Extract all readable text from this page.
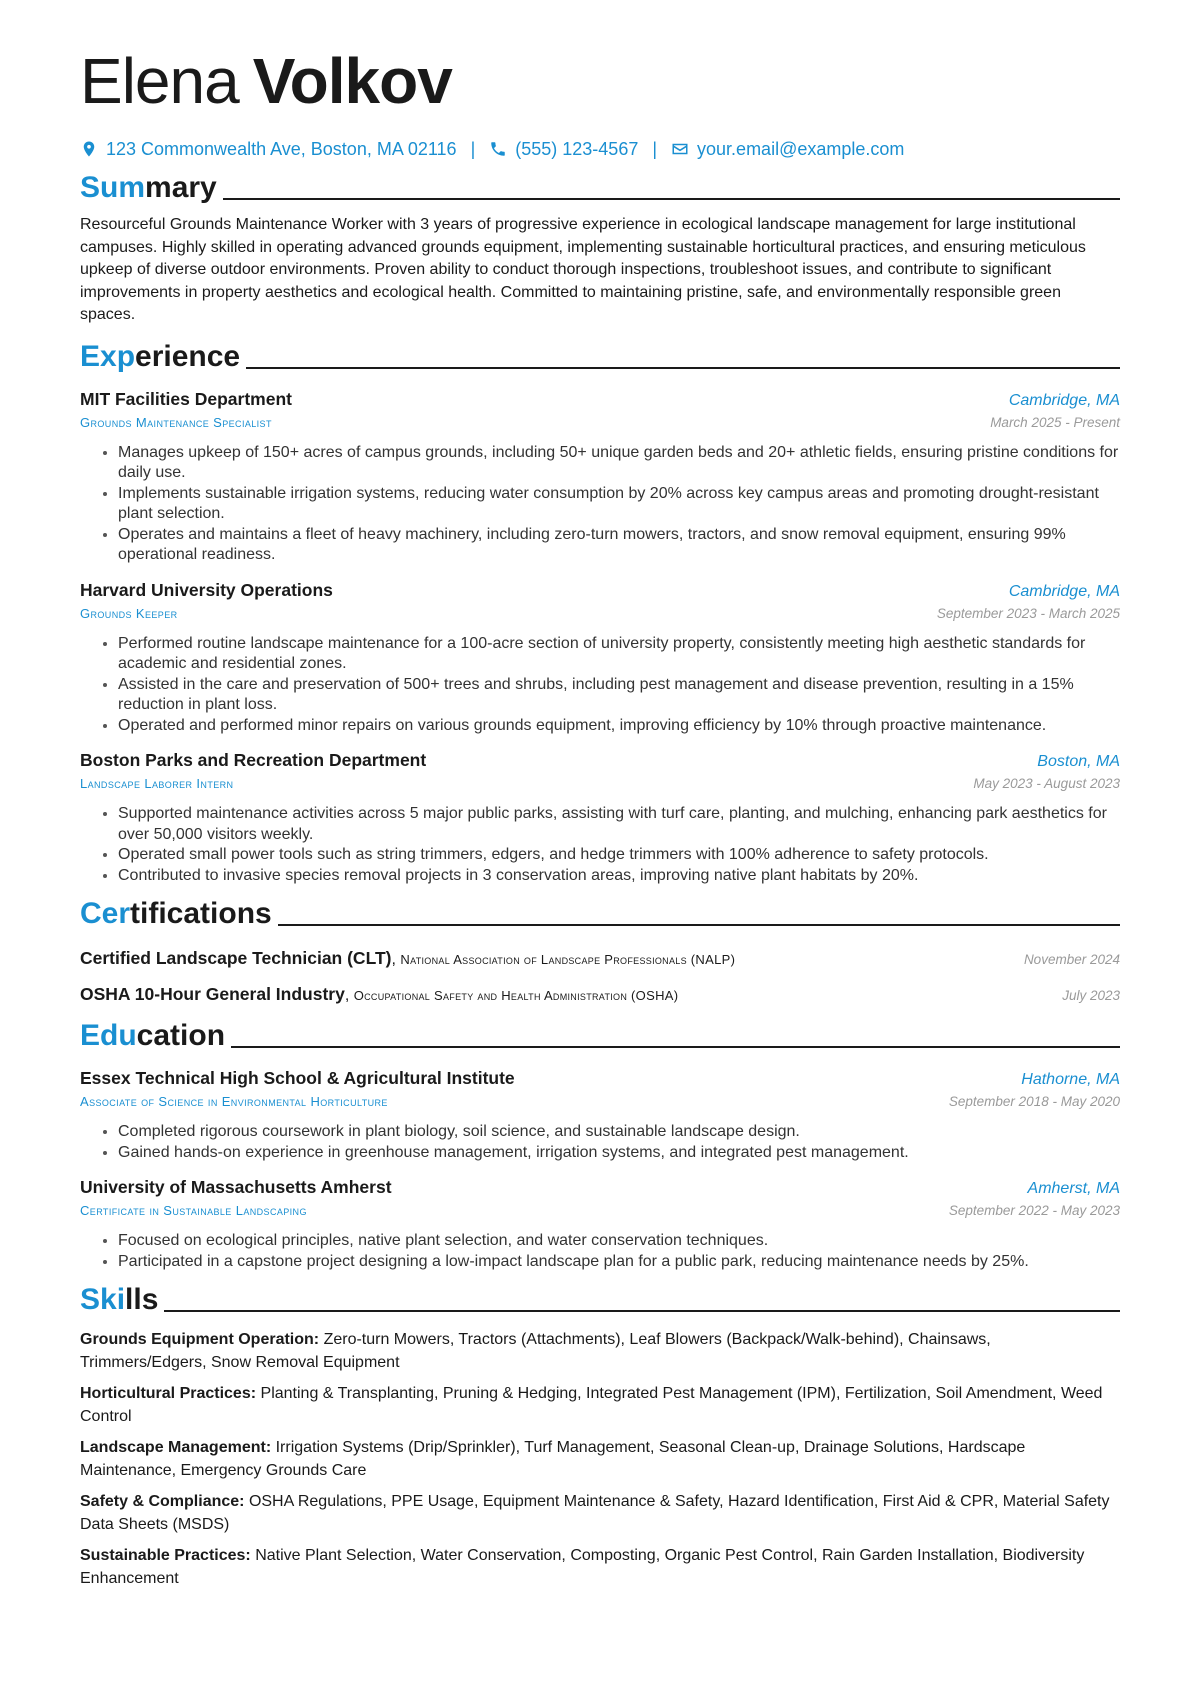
Elena Volkov
123 Commonwealth Ave, Boston, MA 02116 | (555) 123-4567 | your.email@example.com
Summary

Resourceful Grounds Maintenance Worker with 3 years of progressive experience in ecological landscape management for large institutional campuses. Highly skilled in operating advanced grounds equipment, implementing sustainable horticultural practices, and ensuring meticulous upkeep of diverse outdoor environments. Proven ability to conduct thorough inspections, troubleshoot issues, and contribute to significant improvements in property aesthetics and ecological health. Committed to maintaining pristine, safe, and environmentally responsible green spaces.

Experience
MIT Facilities Department	Cambridge, MA
Grounds Maintenance Specialist	March 2025 - Present
• Manages upkeep of 150+ acres of campus grounds, including 50+ unique garden beds and 20+ athletic fields, ensuring pristine conditions for daily use.
• Implements sustainable irrigation systems, reducing water consumption by 20% across key campus areas and promoting drought-resistant plant selection.
• Operates and maintains a fleet of heavy machinery, including zero-turn mowers, tractors, and snow removal equipment, ensuring 99% operational readiness.
Harvard University Operations	Cambridge, MA
Grounds Keeper	September 2023 - March 2025
• Performed routine landscape maintenance for a 100-acre section of university property, consistently meeting high aesthetic standards for academic and residential zones.
• Assisted in the care and preservation of 500+ trees and shrubs, including pest management and disease prevention, resulting in a 15% reduction in plant loss.
• Operated and performed minor repairs on various grounds equipment, improving efficiency by 10% through proactive maintenance.
Boston Parks and Recreation Department	Boston, MA
Landscape Laborer Intern	May 2023 - August 2023
• Supported maintenance activities across 5 major public parks, assisting with turf care, planting, and mulching, enhancing park aesthetics for over 50,000 visitors weekly.
• Operated small power tools such as string trimmers, edgers, and hedge trimmers with 100% adherence to safety protocols.
• Contributed to invasive species removal projects in 3 conservation areas, improving native plant habitats by 20%.
Certifications
Certified Landscape Technician (CLT), National Association of Landscape Professionals (NALP)	November 2024
OSHA 10-Hour General Industry, Occupational Safety and Health Administration (OSHA)	July 2023
Education
Essex Technical High School & Agricultural Institute	Hathorne, MA
Associate of Science in Environmental Horticulture	September 2018 - May 2020
• Completed rigorous coursework in plant biology, soil science, and sustainable landscape design.
• Gained hands-on experience in greenhouse management, irrigation systems, and integrated pest management.
University of Massachusetts Amherst	Amherst, MA
Certificate in Sustainable Landscaping	September 2022 - May 2023
• Focused on ecological principles, native plant selection, and water conservation techniques.
• Participated in a capstone project designing a low-impact landscape plan for a public park, reducing maintenance needs by 25%.
Skills
Grounds Equipment Operation: Zero-turn Mowers, Tractors (Attachments), Leaf Blowers (Backpack/Walk-behind), Chainsaws, Trimmers/Edgers, Snow Removal Equipment
Horticultural Practices: Planting & Transplanting, Pruning & Hedging, Integrated Pest Management (IPM), Fertilization, Soil Amendment, Weed Control
Landscape Management: Irrigation Systems (Drip/Sprinkler), Turf Management, Seasonal Clean-up, Drainage Solutions, Hardscape Maintenance, Emergency Grounds Care
Safety & Compliance: OSHA Regulations, PPE Usage, Equipment Maintenance & Safety, Hazard Identification, First Aid & CPR, Material Safety Data Sheets (MSDS)
Sustainable Practices: Native Plant Selection, Water Conservation, Composting, Organic Pest Control, Rain Garden Installation, Biodiversity Enhancement
